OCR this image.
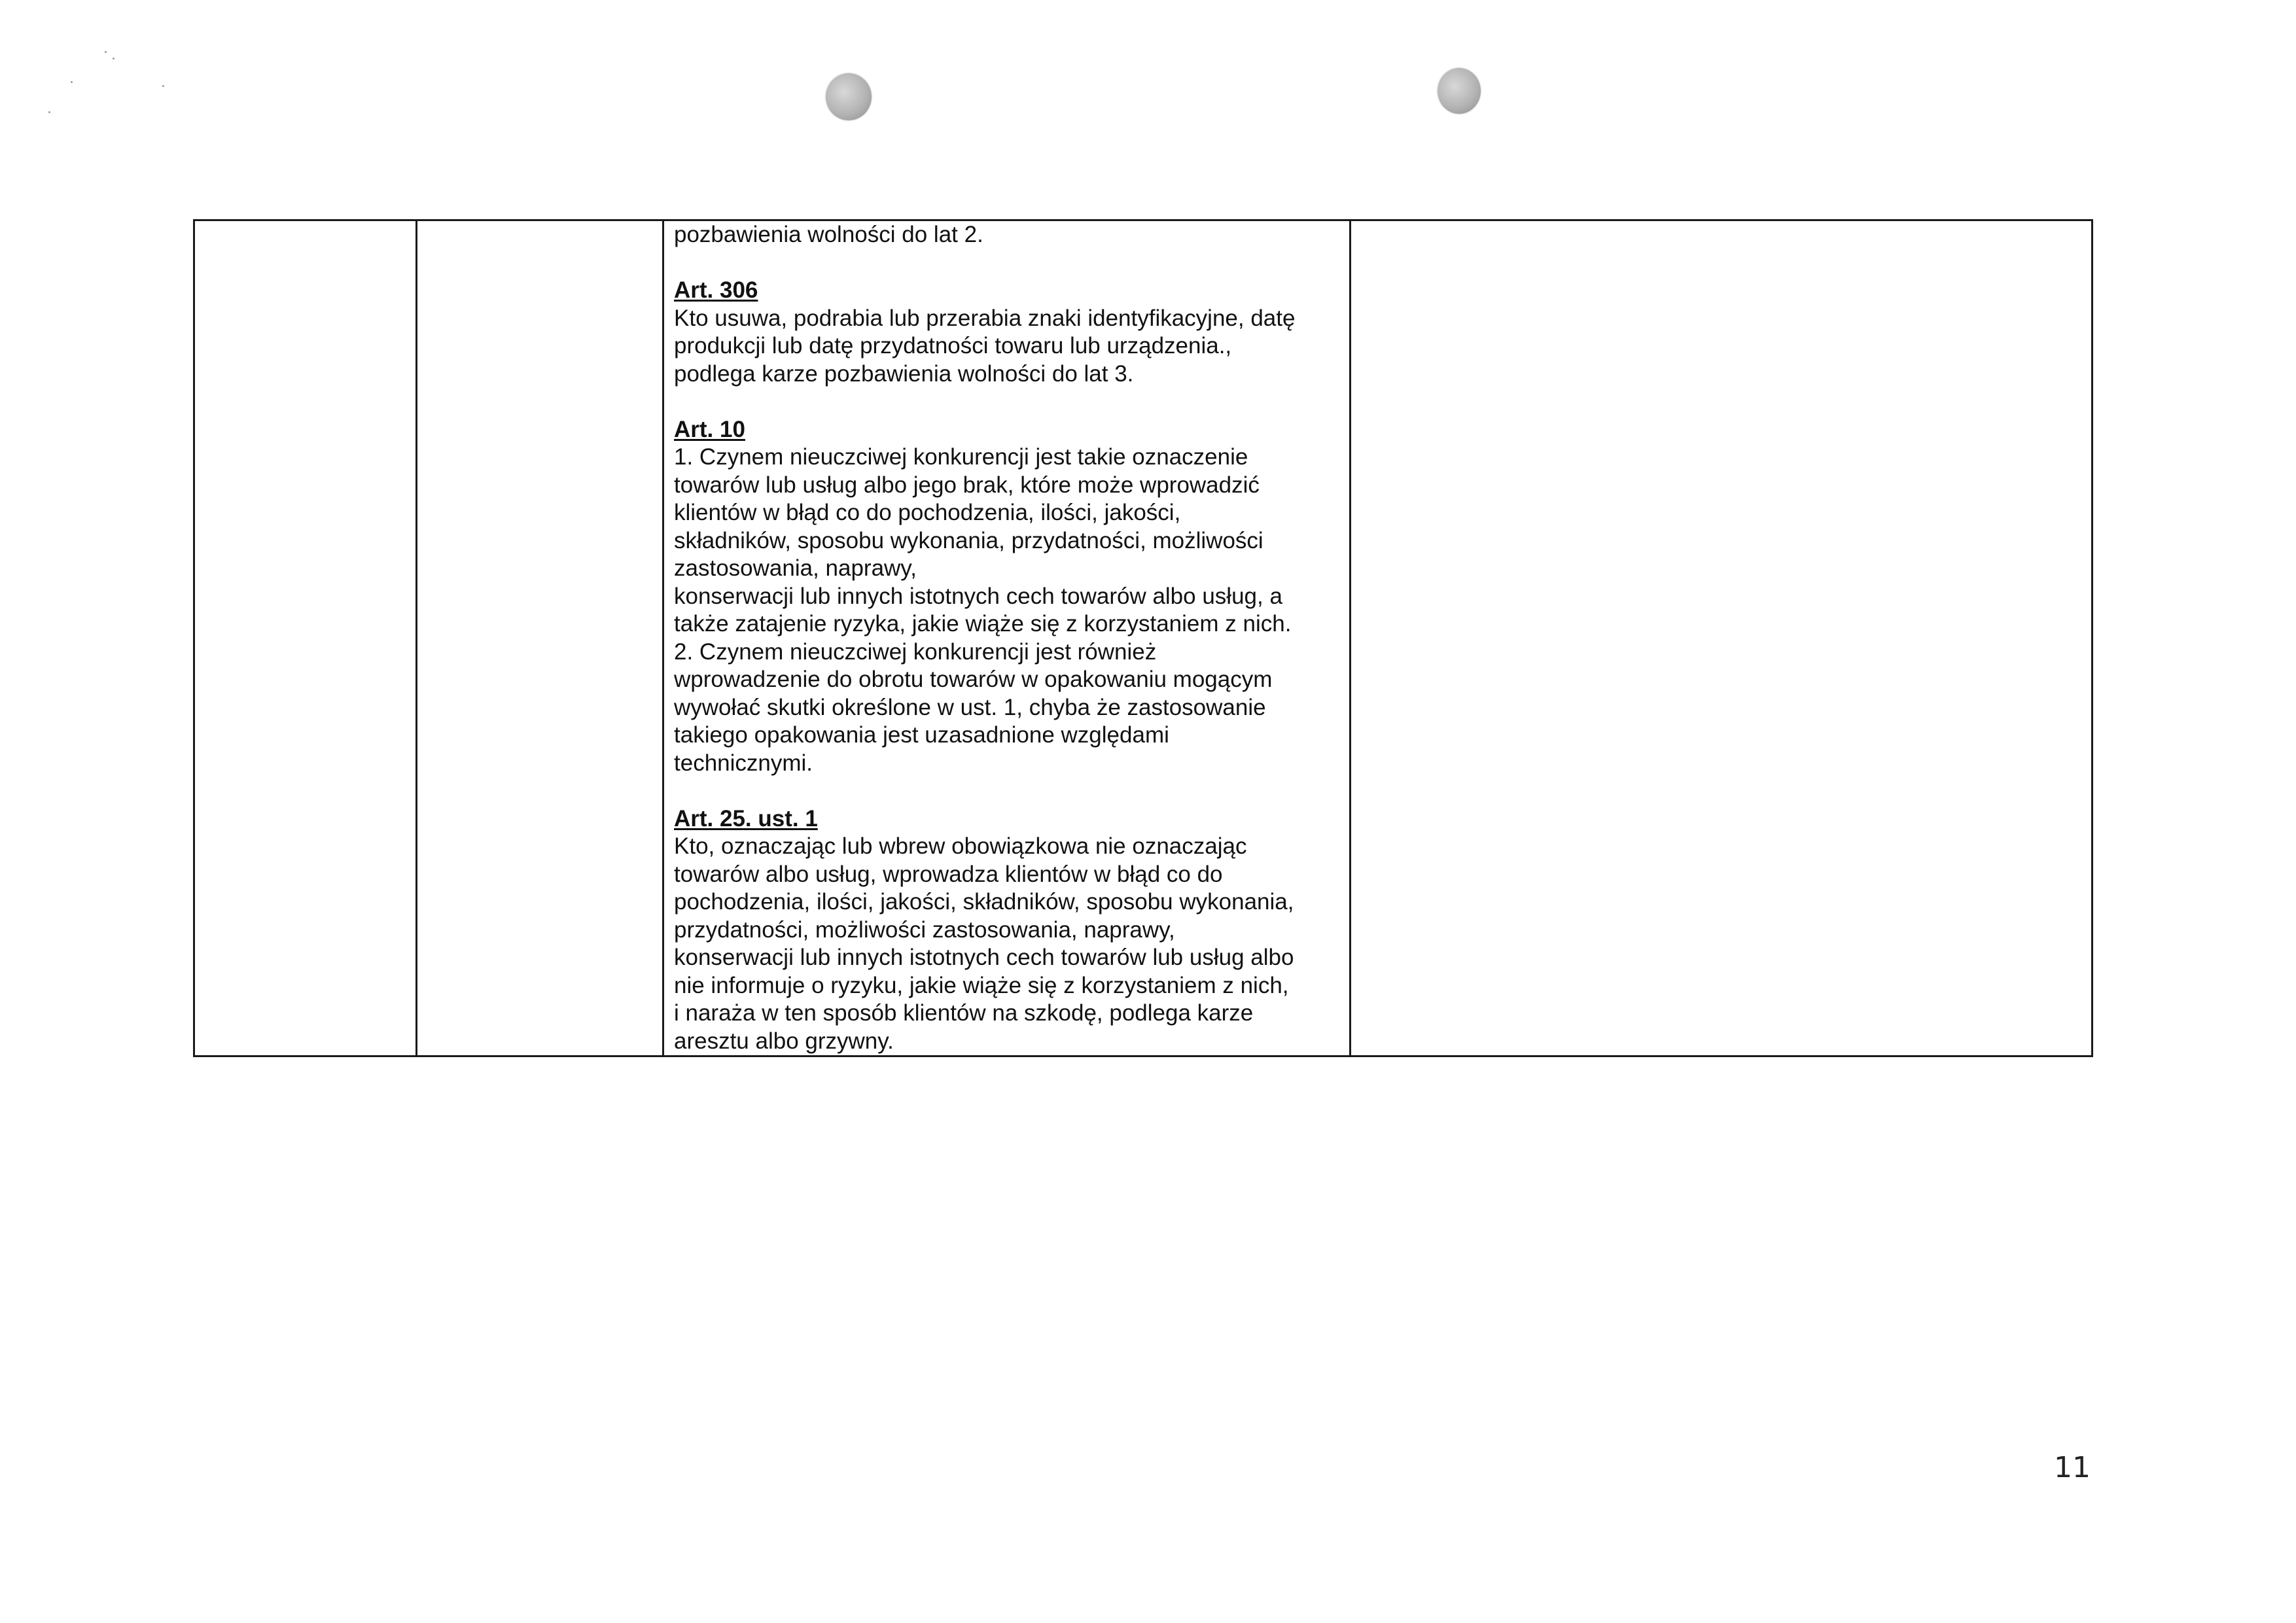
pozbawienia wolności do lat 2.
Art. 306
Kto usuwa, podrabia lub przerabia znaki identyfikacyjne, datę
produkcji lub datę przydatności towaru lub urządzenia.,
podlega karze pozbawienia wolności do lat 3.
Art. 10
1. Czynem nieuczciwej konkurencji jest takie oznaczenie
towarów lub usług albo jego brak, które może wprowadzić
klientów w błąd co do pochodzenia, ilości, jakości,
składników, sposobu wykonania, przydatności, możliwości
zastosowania, naprawy,
konserwacji lub innych istotnych cech towarów albo usług, a
także zatajenie ryzyka, jakie wiąże się z korzystaniem z nich.
2. Czynem nieuczciwej konkurencji jest również
wprowadzenie do obrotu towarów w opakowaniu mogącym
wywołać skutki określone w ust. 1, chyba że zastosowanie
takiego opakowania jest uzasadnione względami
technicznymi.
Art. 25. ust. 1
Kto, oznaczając lub wbrew obowiązkowa nie oznaczając
towarów albo usług, wprowadza klientów w błąd co do
pochodzenia, ilości, jakości, składników, sposobu wykonania,
przydatności, możliwości zastosowania, naprawy,
konserwacji lub innych istotnych cech towarów lub usług albo
nie informuje o ryzyku, jakie wiąże się z korzystaniem z nich,
i naraża w ten sposób klientów na szkodę, podlega karze
aresztu albo grzywny.

11
